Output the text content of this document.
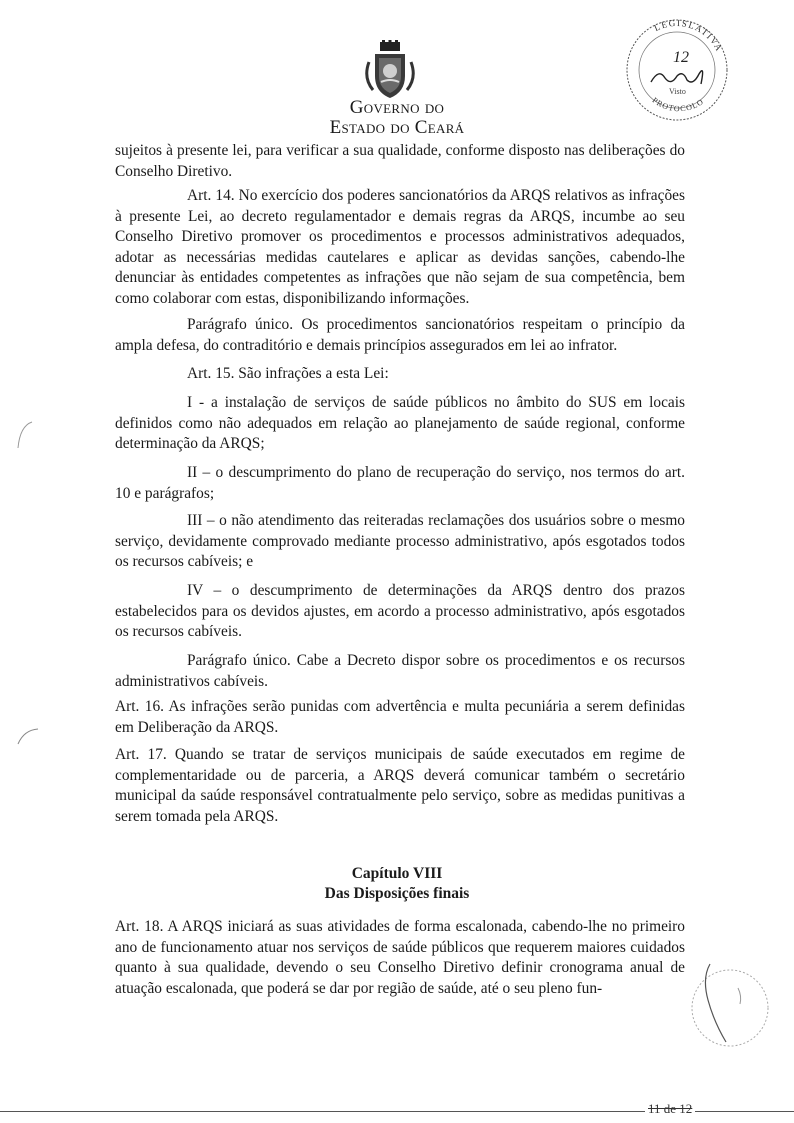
Governo do
Estado do Ceará
LEGISLATIVA
PROTOCOLO
12
Visto
sujeitos à presente lei, para verificar a sua qualidade, conforme disposto nas deliberações do Conselho Diretivo.
Art. 14. No exercício dos poderes sancionatórios da ARQS relativos as infrações à presente Lei, ao decreto regulamentador e demais regras da ARQS, incumbe ao seu Conselho Diretivo promover os procedimentos e processos administrativos adequados, adotar as necessárias medidas cautelares e aplicar as devidas sanções, cabendo-lhe denunciar às entidades competentes as infrações que não sejam de sua competência, bem como colaborar com estas, disponibilizando informações.
Parágrafo único. Os procedimentos sancionatórios respeitam o princípio da ampla defesa, do contraditório e demais princípios assegurados em lei ao infrator.
Art. 15. São infrações a esta Lei:
I - a instalação de serviços de saúde públicos no âmbito do SUS em locais definidos como não adequados em relação ao planejamento de saúde regional, conforme determinação da ARQS;
II – o descumprimento do plano de recuperação do serviço, nos termos do art. 10 e parágrafos;
III – o não atendimento das reiteradas reclamações dos usuários sobre o mesmo serviço, devidamente comprovado mediante processo administrativo, após esgotados todos os recursos cabíveis; e
IV – o descumprimento de determinações da ARQS dentro dos prazos estabelecidos para os devidos ajustes, em acordo a processo administrativo, após esgotados os recursos cabíveis.
Parágrafo único. Cabe a Decreto dispor sobre os procedimentos e os recursos administrativos cabíveis.
Art. 16. As infrações serão punidas com advertência e multa pecuniária a serem definidas em Deliberação da ARQS.
Art. 17. Quando se tratar de serviços municipais de saúde executados em regime de complementaridade ou de parceria, a ARQS deverá comunicar também o secretário municipal da saúde responsável contratualmente pelo serviço, sobre as medidas punitivas a serem tomada pela ARQS.
Capítulo VIII
Das Disposições finais
Art. 18. A ARQS iniciará as suas atividades de forma escalonada, cabendo-lhe no primeiro ano de funcionamento atuar nos serviços de saúde públicos que requerem maiores cuidados quanto à sua qualidade, devendo o seu Conselho Diretivo definir cronograma anual de atuação escalonada, que poderá se dar por região de saúde, até o seu pleno fun-
11 de 12
